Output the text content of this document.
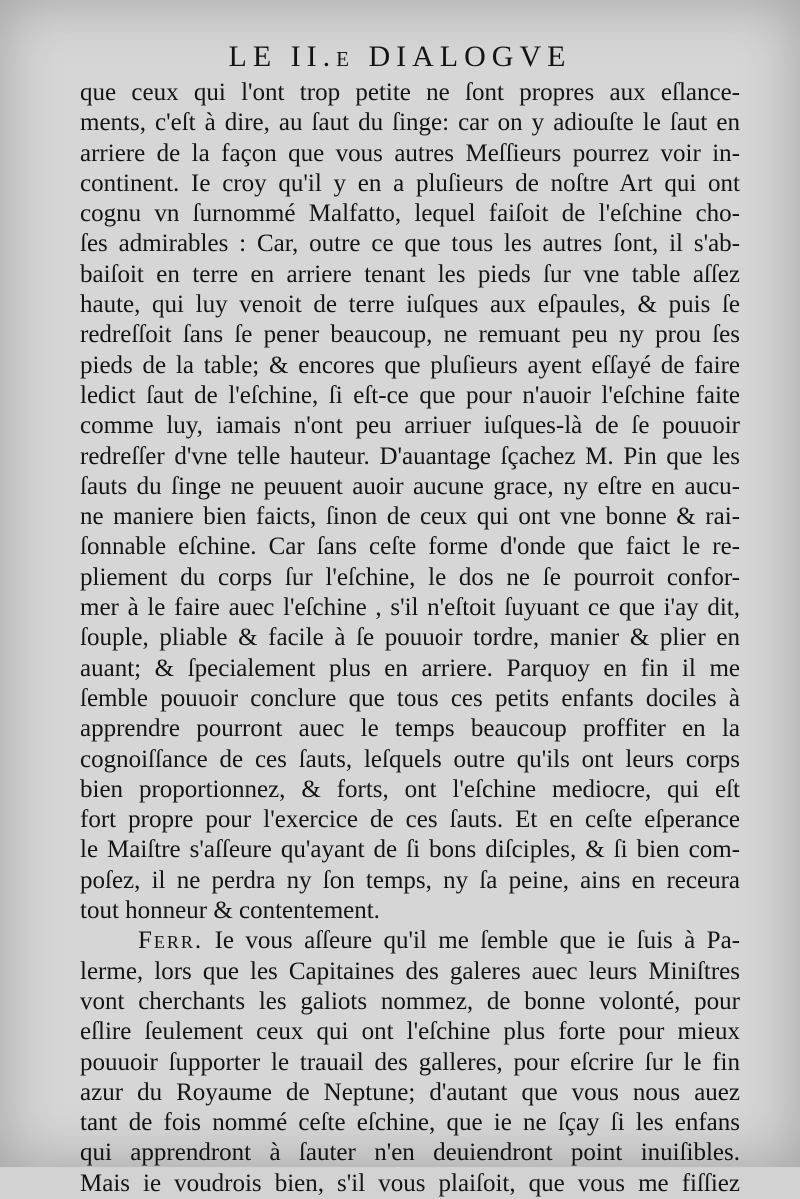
LE II.e DIALOGVE
que ceux qui l'ont trop petite ne ſont propres aux eſlance-
ments, c'eſt à dire, au ſaut du ſinge: car on y adiouſte le ſaut en
arriere de la façon que vous autres Meſſieurs pourrez voir in-
continent. Ie croy qu'il y en a pluſieurs de noſtre Art qui ont
cognu vn ſurnommé Malfatto, lequel faiſoit de l'eſchine cho-
ſes admirables : Car, outre ce que tous les autres ſont, il s'ab-
baiſoit en terre en arriere tenant les pieds ſur vne table aſſez
haute, qui luy venoit de terre iuſques aux eſpaules, & puis ſe
redreſſoit ſans ſe pener beaucoup, ne remuant peu ny prou ſes
pieds de la table; & encores que pluſieurs ayent eſſayé de faire
ledict ſaut de l'eſchine, ſi eſt-ce que pour n'auoir l'eſchine faite
comme luy, iamais n'ont peu arriuer iuſques-là de ſe pouuoir
redreſſer d'vne telle hauteur. D'auantage ſçachez M. Pin que les
ſauts du ſinge ne peuuent auoir aucune grace, ny eſtre en aucu-
ne maniere bien faicts, ſinon de ceux qui ont vne bonne & rai-
ſonnable eſchine. Car ſans ceſte forme d'onde que faict le re-
pliement du corps ſur l'eſchine, le dos ne ſe pourroit confor-
mer à le faire auec l'eſchine , s'il n'eſtoit ſuyuant ce que i'ay dit,
ſouple, pliable & facile à ſe pouuoir tordre, manier & plier en
auant; & ſpecialement plus en arriere. Parquoy en fin il me
ſemble pouuoir conclure que tous ces petits enfants dociles à
apprendre pourront auec le temps beaucoup proffiter en la
cognoiſſance de ces ſauts, leſquels outre qu'ils ont leurs corps
bien proportionnez, & forts, ont l'eſchine mediocre, qui eſt
fort propre pour l'exercice de ces ſauts. Et en ceſte eſperance
le Maiſtre s'aſſeure qu'ayant de ſi bons diſciples, & ſi bien com-
poſez, il ne perdra ny ſon temps, ny ſa peine, ains en receura
tout honneur & contentement.
Ferr. Ie vous aſſeure qu'il me ſemble que ie ſuis à Pa-
lerme, lors que les Capitaines des galeres auec leurs Miniſtres
vont cherchants les galiots nommez, de bonne volonté, pour
eſlire ſeulement ceux qui ont l'eſchine plus forte pour mieux
pouuoir ſupporter le trauail des galleres, pour eſcrire ſur le fin
azur du Royaume de Neptune; d'autant que vous nous auez
tant de fois nommé ceſte eſchine, que ie ne ſçay ſi les enfans
qui apprendront à ſauter n'en deuiendront point inuiſibles.
Mais ie voudrois bien, s'il vous plaiſoit, que vous me fiſſiez
